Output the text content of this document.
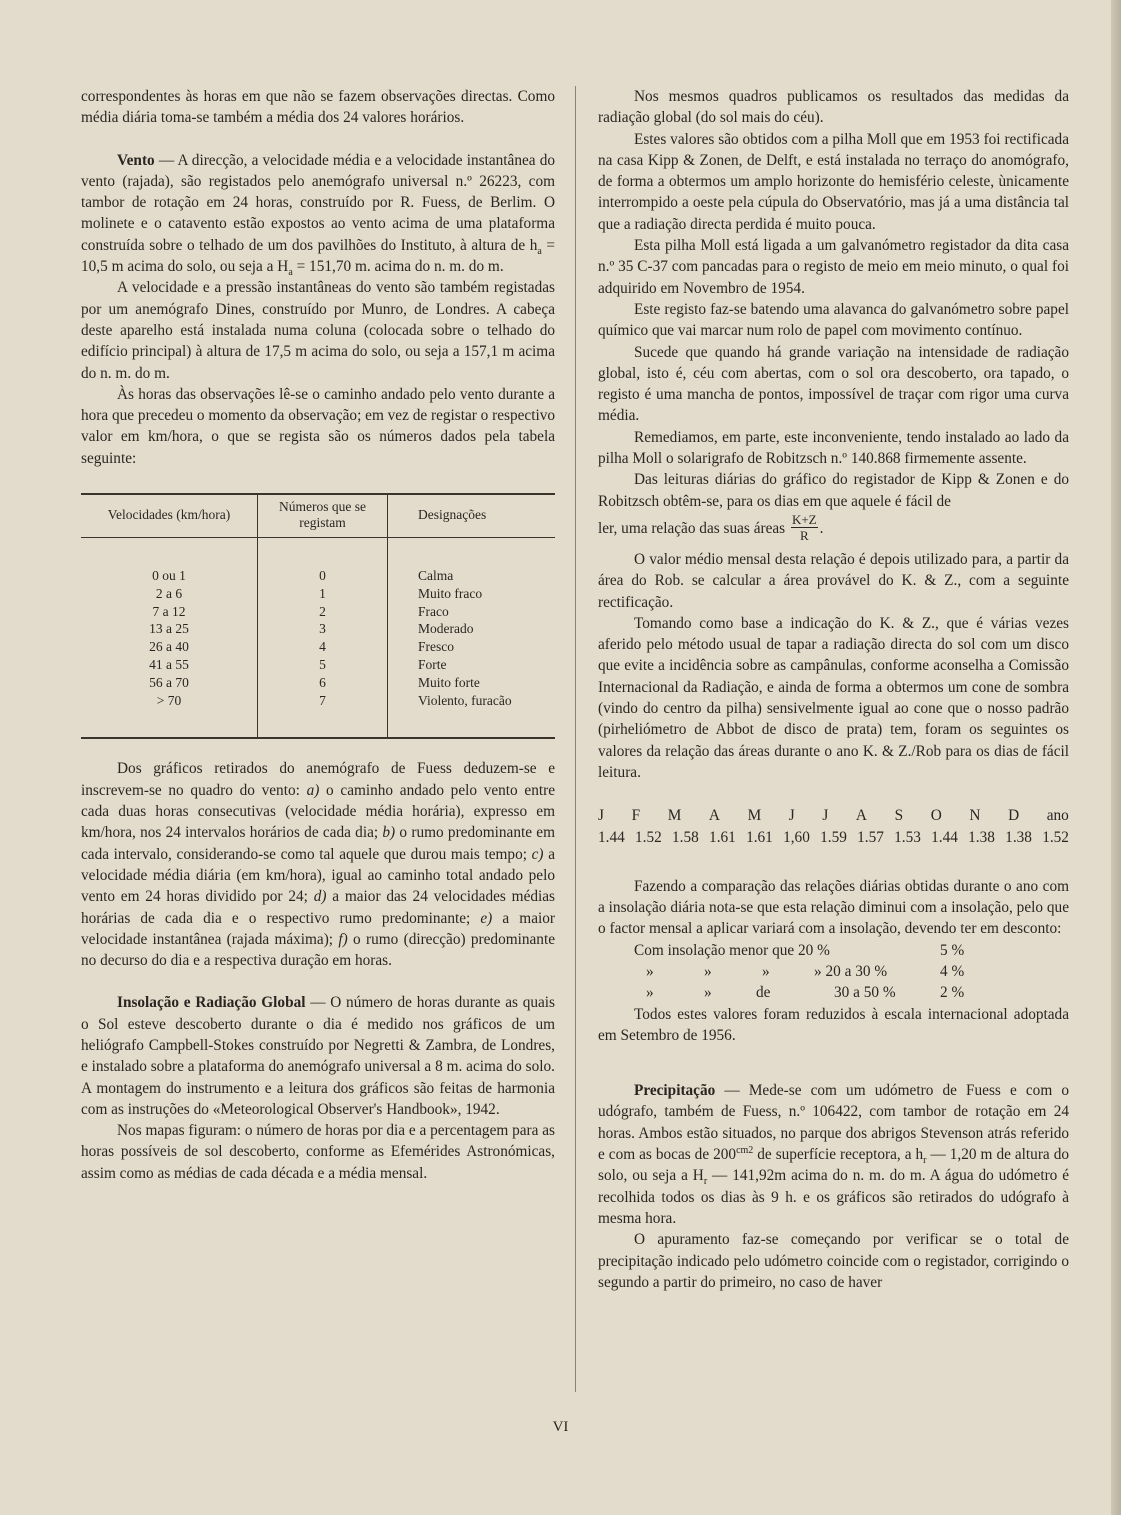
correspondentes às horas em que não se fazem observações directas. Como média diária toma-se também a média dos 24 valores horários.

Vento — A direcção, a velocidade média e a velocidade instantânea do vento (rajada), são registados pelo anemógrafo universal n.º 26223, com tambor de rotação em 24 horas, construído por R. Fuess, de Berlim. O molinete e o catavento estão expostos ao vento acima de uma plataforma construída sobre o telhado de um dos pavilhões do Instituto, à altura de $h_a = 10,5$ m acima do solo, ou seja a $H_a = 151,70$ m. acima do n. m. do m.

A velocidade e a pressão instantâneas do vento são também registadas por um anemógrafo Dines, construído por Munro, de Londres. A cabeça deste aparelho está instalada numa coluna (colocada sobre o telhado do edifício principal) à altura de 17,5 m acima do solo, ou seja a 157,1 m acima do n. m. do m.

Às horas das observações lê-se o caminho andado pelo vento durante a hora que precedeu o momento da observação; em vez de registar o respectivo valor em km/hora, o que se regista são os números dados pela tabela seguinte:

Velocidades (km/hora)	Números que se registam	Designações
0 ou 1	0	Calma
2 a 6	1	Muito fraco
7 a 12	2	Fraco
13 a 25	3	Moderado
26 a 40	4	Fresco
41 a 55	5	Forte
56 a 70	6	Muito forte
> 70	7	Violento, furacão

Dos gráficos retirados do anemógrafo de Fuess deduzem-se e inscrevem-se no quadro do vento: a) o caminho andado pelo vento entre cada duas horas consecutivas (velocidade média horária), expresso em km/hora, nos 24 intervalos horários de cada dia; b) o rumo predominante em cada intervalo, considerando-se como tal aquele que durou mais tempo; c) a velocidade média diária (em km/hora), igual ao caminho total andado pelo vento em 24 horas dividido por 24; d) a maior das 24 velocidades médias horárias de cada dia e o respectivo rumo predominante; e) a maior velocidade instantânea (rajada máxima); f) o rumo (direcção) predominante no decurso do dia e a respectiva duração em horas.

Insolação e Radiação Global — O número de horas durante as quais o Sol esteve descoberto durante o dia é medido nos gráficos de um heliógrafo Campbell-Stokes construído por Negretti & Zambra, de Londres, e instalado sobre a plataforma do anemógrafo universal a 8 m. acima do solo. A montagem do instrumento e a leitura dos gráficos são feitas de harmonia com as instruções do «Meteorological Observer's Handbook», 1942.

Nos mapas figuram: o número de horas por dia e a percentagem para as horas possíveis de sol descoberto, conforme as Efemérides Astronómicas, assim como as médias de cada década e a média mensal.

Nos mesmos quadros publicamos os resultados das medidas da radiação global (do sol mais do céu).

Estes valores são obtidos com a pilha Moll que em 1953 foi rectificada na casa Kipp & Zonen, de Delft, e está instalada no terraço do anomógrafo, de forma a obtermos um amplo horizonte do hemisfério celeste, ùnicamente interrompido a oeste pela cúpula do Observatório, mas já a uma distância tal que a radiação directa perdida é muito pouca.

Esta pilha Moll está ligada a um galvanómetro registador da dita casa n.º 35 C-37 com pancadas para o registo de meio em meio minuto, o qual foi adquirido em Novembro de 1954.

Este registo faz-se batendo uma alavanca do galvanómetro sobre papel químico que vai marcar num rolo de papel com movimento contínuo.

Sucede que quando há grande variação na intensidade de radiação global, isto é, céu com abertas, com o sol ora descoberto, ora tapado, o registo é uma mancha de pontos, impossível de traçar com rigor uma curva média.

Remediamos, em parte, este inconveniente, tendo instalado ao lado da pilha Moll o solarigrafo de Robitzsch n.º 140.868 firmemente assente.

Das leituras diárias do gráfico do registador de Kipp & Zonen e do Robitzsch obtêm-se, para os dias em que aquele é fácil de

ler, uma relação das suas áreas $\frac{K+Z}{R}$ .

O valor médio mensal desta relação é depois utilizado para, a partir da área do Rob. se calcular a área provável do K. & Z., com a seguinte rectificação.

Tomando como base a indicação do K. & Z., que é várias vezes aferido pelo método usual de tapar a radiação directa do sol com um disco que evite a incidência sobre as campânulas, conforme aconselha a Comissão Internacional da Radiação, e ainda de forma a obtermos um cone de sombra (vindo do centro da pilha) sensivelmente igual ao cone que o nosso padrão (pirheliómetro de Abbot de disco de prata) tem, foram os seguintes os valores da relação das áreas durante o ano K. & Z./Rob para os dias de fácil leitura.

J F M A M J J A S O N D ano
1.44 1.52 1.58 1.61 1.61 1,60 1.59 1.57 1.53 1.44 1.38 1.38 1.52

Fazendo a comparação das relações diárias obtidas durante o ano com a insolação diária nota-se que esta relação diminui com a insolação, pelo que o factor mensal a aplicar variará com a insolação, devendo ter em desconto:

Com insolação menor que 20 %	5 %
»	»	»	» 20 a 30 %	4 %
»	»	de	30 a 50 %	2 %

Todos estes valores foram reduzidos à escala internacional adoptada em Setembro de 1956.

Precipitação — Mede-se com um udómetro de Fuess e com o udógrafo, também de Fuess, n.º 106422, com tambor de rotação em 24 horas. Ambos estão situados, no parque dos abrigos Stevenson atrás referido e com as bocas de $200^{cm2}$ de superfície receptora, a $h_r$ — 1,20 m de altura do solo, ou seja a $H_r$ — 141,92m acima do n. m. do m. A água do udómetro é recolhida todos os dias às 9 h. e os gráficos são retirados do udógrafo à mesma hora.

O apuramento faz-se começando por verificar se o total de precipitação indicado pelo udómetro coincide com o registador, corrigindo o segundo a partir do primeiro, no caso de haver

VI
